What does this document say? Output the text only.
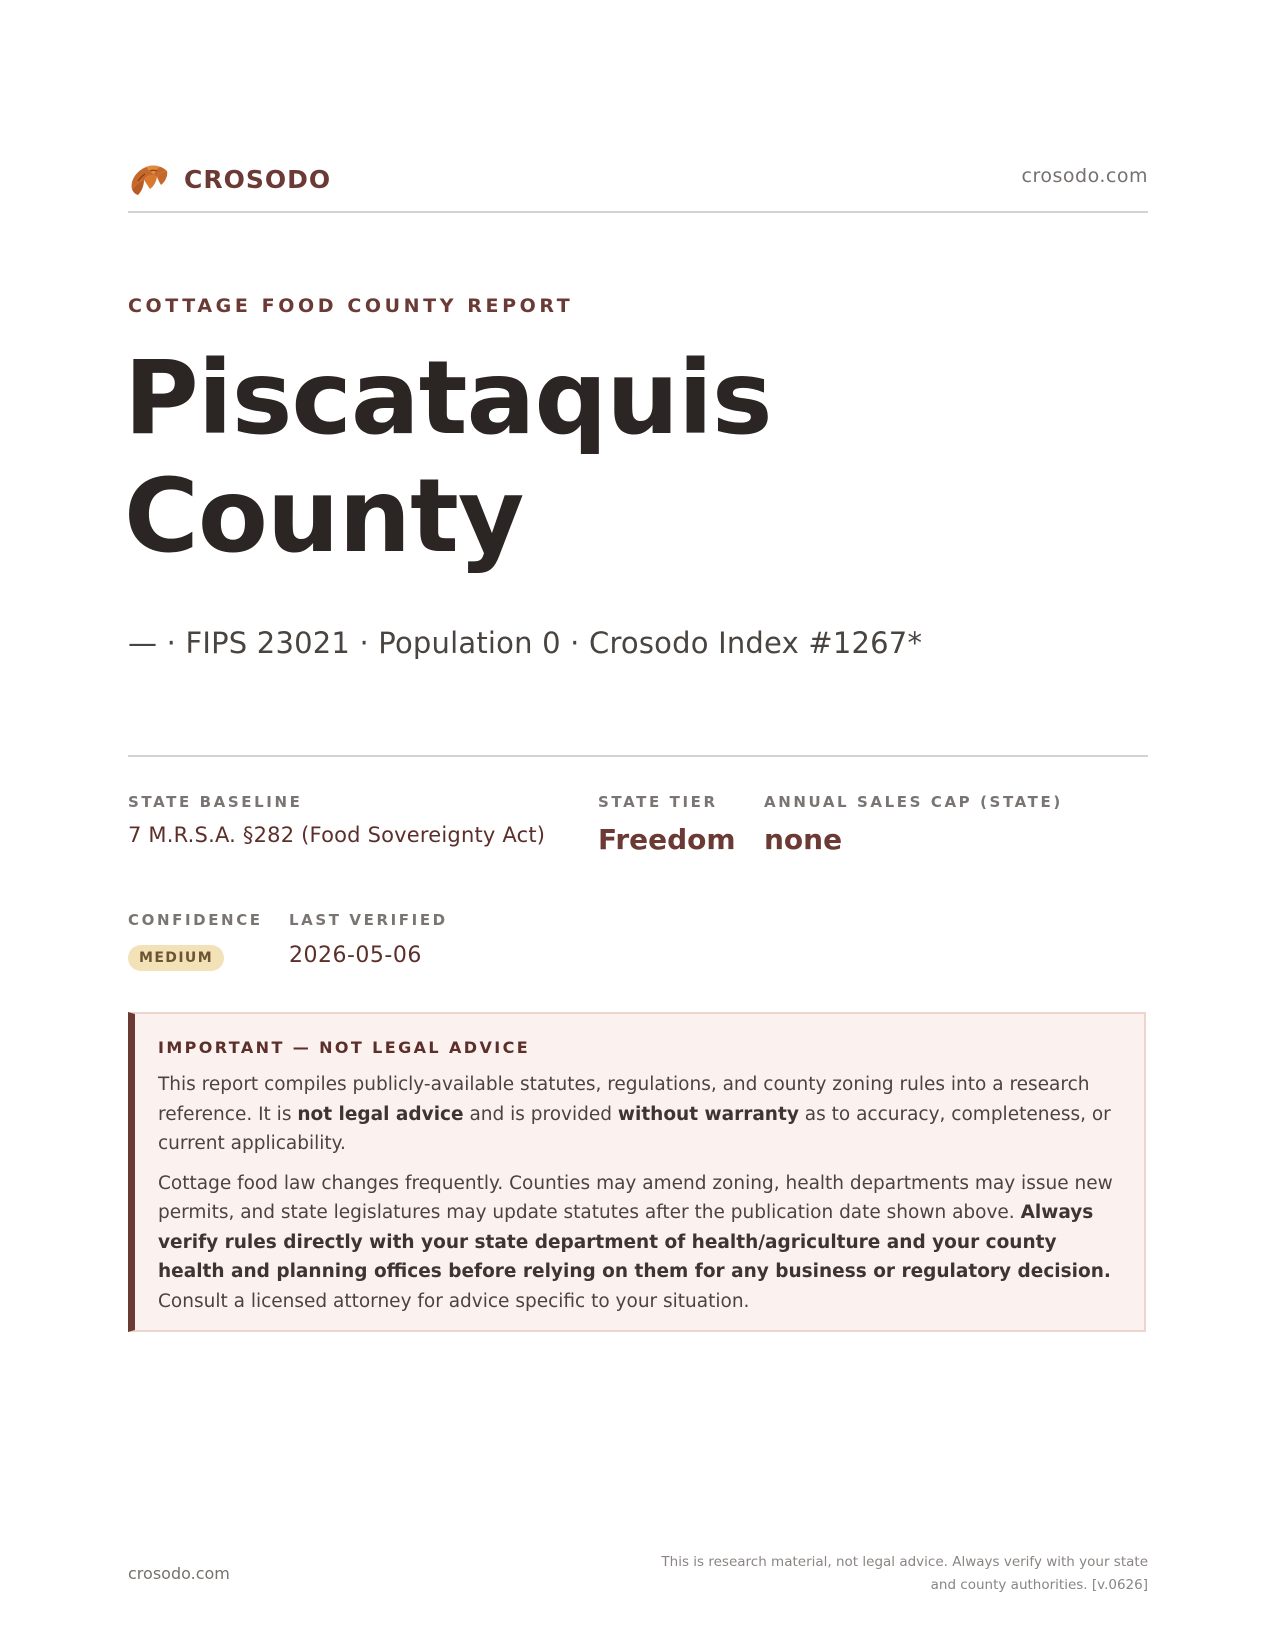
CROSODO	crosodo.com
COTTAGE FOOD COUNTY REPORT
Piscataquis
County
— · FIPS 23021 · Population 0 · Crosodo Index #1267*
STATE BASELINE
7 M.R.S.A. §282 (Food Sovereignty Act)
STATE TIER
Freedom
ANNUAL SALES CAP (STATE)
none
CONFIDENCE
MEDIUM
LAST VERIFIED
2026-05-06
IMPORTANT — NOT LEGAL ADVICE

This report compiles publicly-available statutes, regulations, and county zoning rules into a research reference. It is not legal advice and is provided without warranty as to accuracy, completeness, or current applicability.

Cottage food law changes frequently. Counties may amend zoning, health departments may issue new permits, and state legislatures may update statutes after the publication date shown above. Always verify rules directly with your state department of health/agriculture and your county health and planning offices before relying on them for any business or regulatory decision. Consult a licensed attorney for advice specific to your situation.

crosodo.com
This is research material, not legal advice. Always verify with your state
and county authorities. [v.0626]
